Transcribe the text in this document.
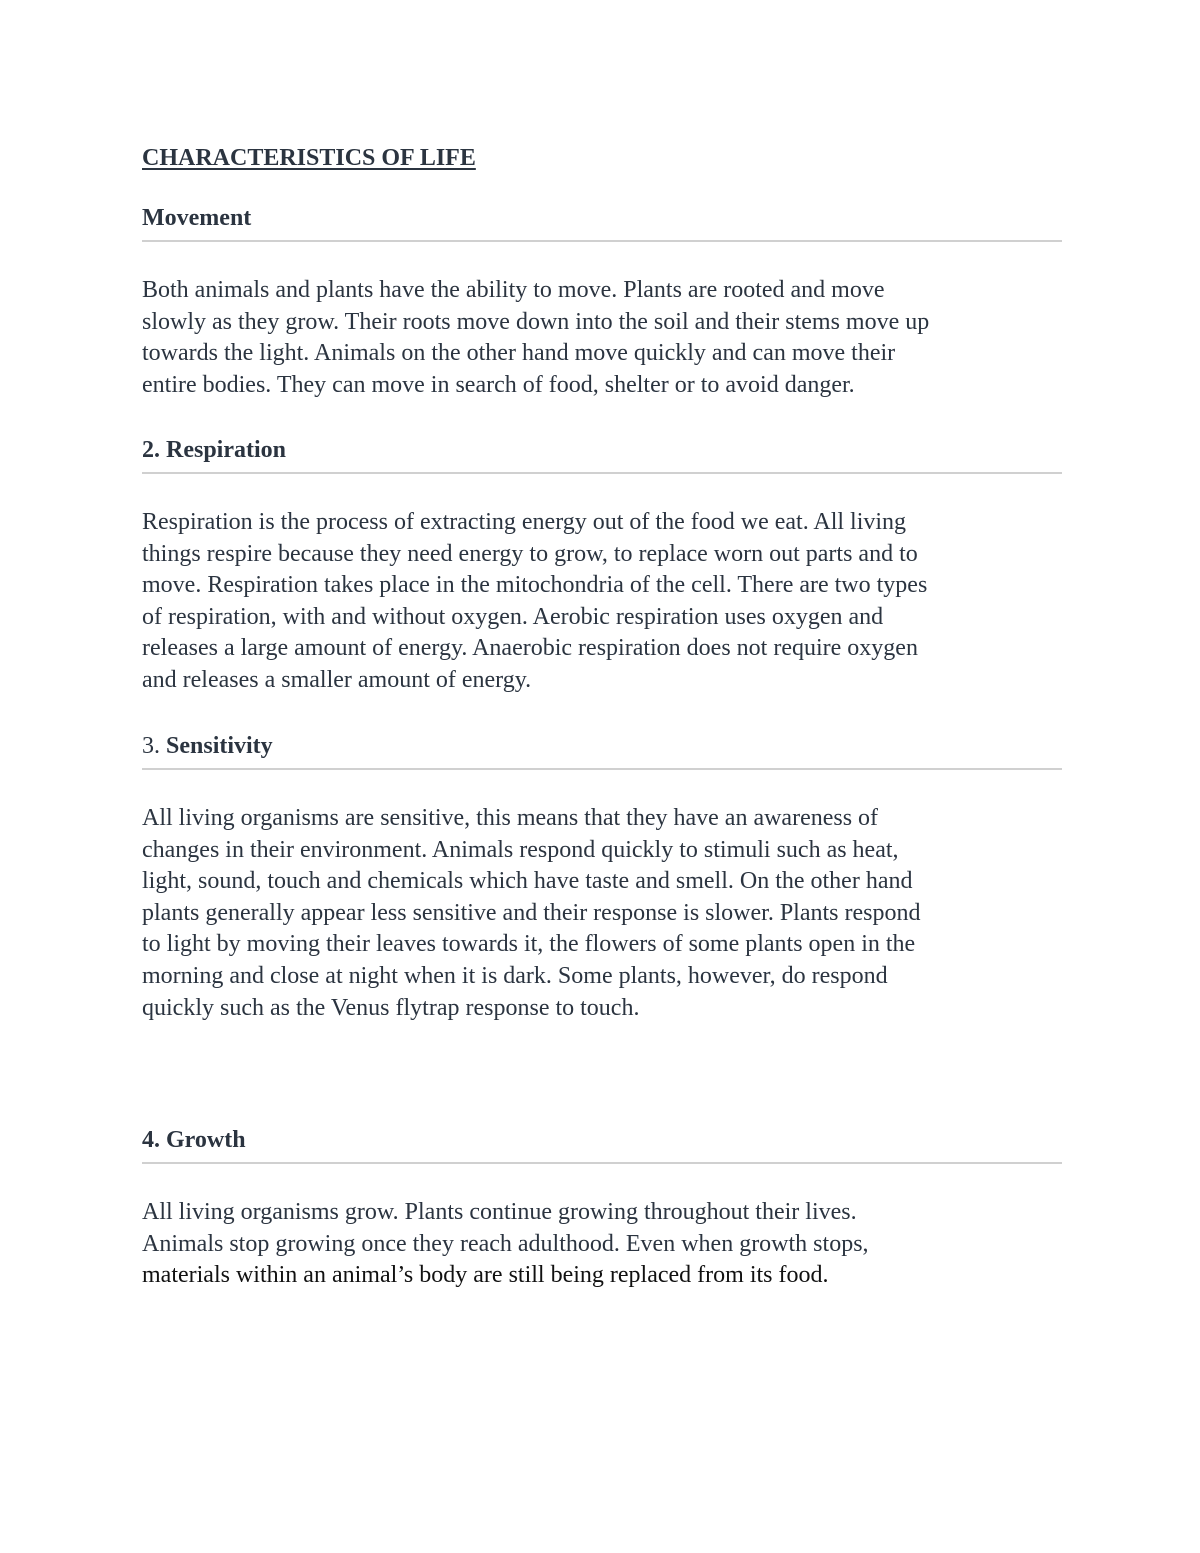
CHARACTERISTICS OF LIFE
Movement

Both animals and plants have the ability to move. Plants are rooted and move
slowly as they grow. Their roots move down into the soil and their stems move up
towards the light. Animals on the other hand move quickly and can move their
entire bodies. They can move in search of food, shelter or to avoid danger.

2. Respiration

Respiration is the process of extracting energy out of the food we eat. All living
things respire because they need energy to grow, to replace worn out parts and to
move. Respiration takes place in the mitochondria of the cell. There are two types
of respiration, with and without oxygen. Aerobic respiration uses oxygen and
releases a large amount of energy. Anaerobic respiration does not require oxygen
and releases a smaller amount of energy.

3. Sensitivity

All living organisms are sensitive, this means that they have an awareness of
changes in their environment. Animals respond quickly to stimuli such as heat,
light, sound, touch and chemicals which have taste and smell. On the other hand
plants generally appear less sensitive and their response is slower. Plants respond
to light by moving their leaves towards it, the flowers of some plants open in the
morning and close at night when it is dark. Some plants, however, do respond
quickly such as the Venus flytrap response to touch.

4. Growth

All living organisms grow. Plants continue growing throughout their lives.
Animals stop growing once they reach adulthood. Even when growth stops,
materials within an animal’s body are still being replaced from its food.
